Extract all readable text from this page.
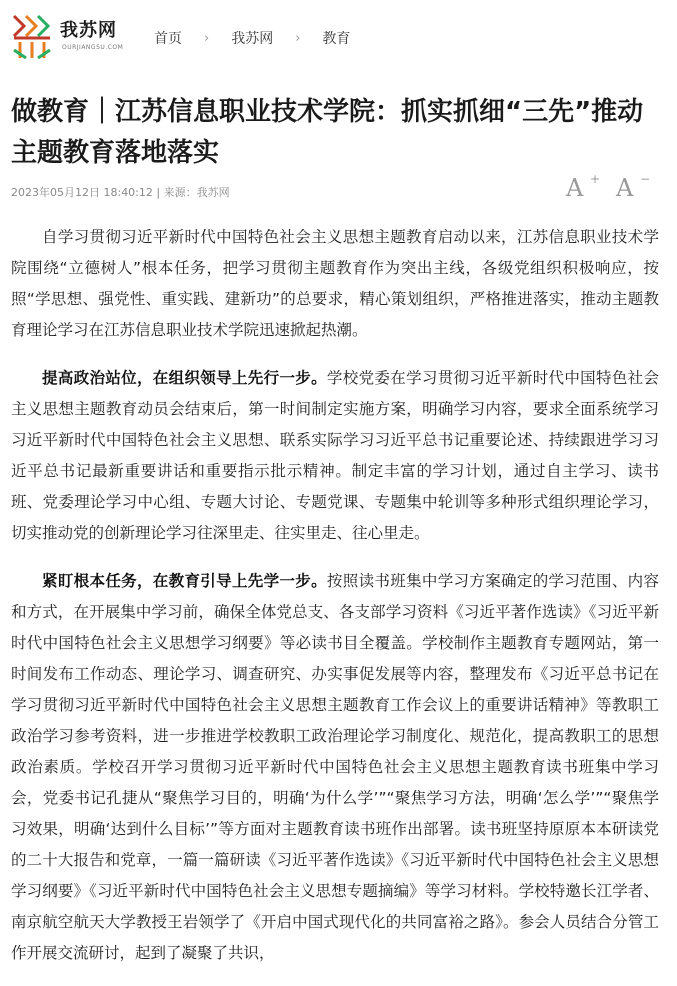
我苏网
OURJIANGSU.COM
首页 › 我苏网 › 教育
做教育｜江苏信息职业技术学院：抓实抓细“三先”推动主题教育落地落实
2023年05月12日 18:40:12 | 来源：我苏网	A + A −

自学习贯彻习近平新时代中国特色社会主义思想主题教育启动以来，江苏信息职业技术学院围绕“立德树人”根本任务，把学习贯彻主题教育作为突出主线，各级党组织积极响应，按照“学思想、强党性、重实践、建新功”的总要求，精心策划组织，严格推进落实，推动主题教育理论学习在江苏信息职业技术学院迅速掀起热潮。

提高政治站位，在组织领导上先行一步。学校党委在学习贯彻习近平新时代中国特色社会主义思想主题教育动员会结束后，第一时间制定实施方案，明确学习内容，要求全面系统学习习近平新时代中国特色社会主义思想、联系实际学习习近平总书记重要论述、持续跟进学习习近平总书记最新重要讲话和重要指示批示精神。制定丰富的学习计划，通过自主学习、读书班、党委理论学习中心组、专题大讨论、专题党课、专题集中轮训等多种形式组织理论学习，切实推动党的创新理论学习往深里走、往实里走、往心里走。

紧盯根本任务，在教育引导上先学一步。按照读书班集中学习方案确定的学习范围、内容和方式，在开展集中学习前，确保全体党总支、各支部学习资料《习近平著作选读》《习近平新时代中国特色社会主义思想学习纲要》等必读书目全覆盖。学校制作主题教育专题网站，第一时间发布工作动态、理论学习、调查研究、办实事促发展等内容，整理发布《习近平总书记在学习贯彻习近平新时代中国特色社会主义思想主题教育工作会议上的重要讲话精神》等教职工政治学习参考资料，进一步推进学校教职工政治理论学习制度化、规范化，提高教职工的思想政治素质。学校召开学习贯彻习近平新时代中国特色社会主义思想主题教育读书班集中学习会，党委书记孔捷从“聚焦学习目的，明确‘为什么学’”“聚焦学习方法，明确‘怎么学’”“聚焦学习效果，明确‘达到什么目标’”等方面对主题教育读书班作出部署。读书班坚持原原本本研读党的二十大报告和党章，一篇一篇研读《习近平著作选读》《习近平新时代中国特色社会主义思想学习纲要》《习近平新时代中国特色社会主义思想专题摘编》等学习材料。学校特邀长江学者、南京航空航天大学教授王岩领学了《开启中国式现代化的共同富裕之路》。参会人员结合分管工作开展交流研讨，起到了凝聚了共识，
